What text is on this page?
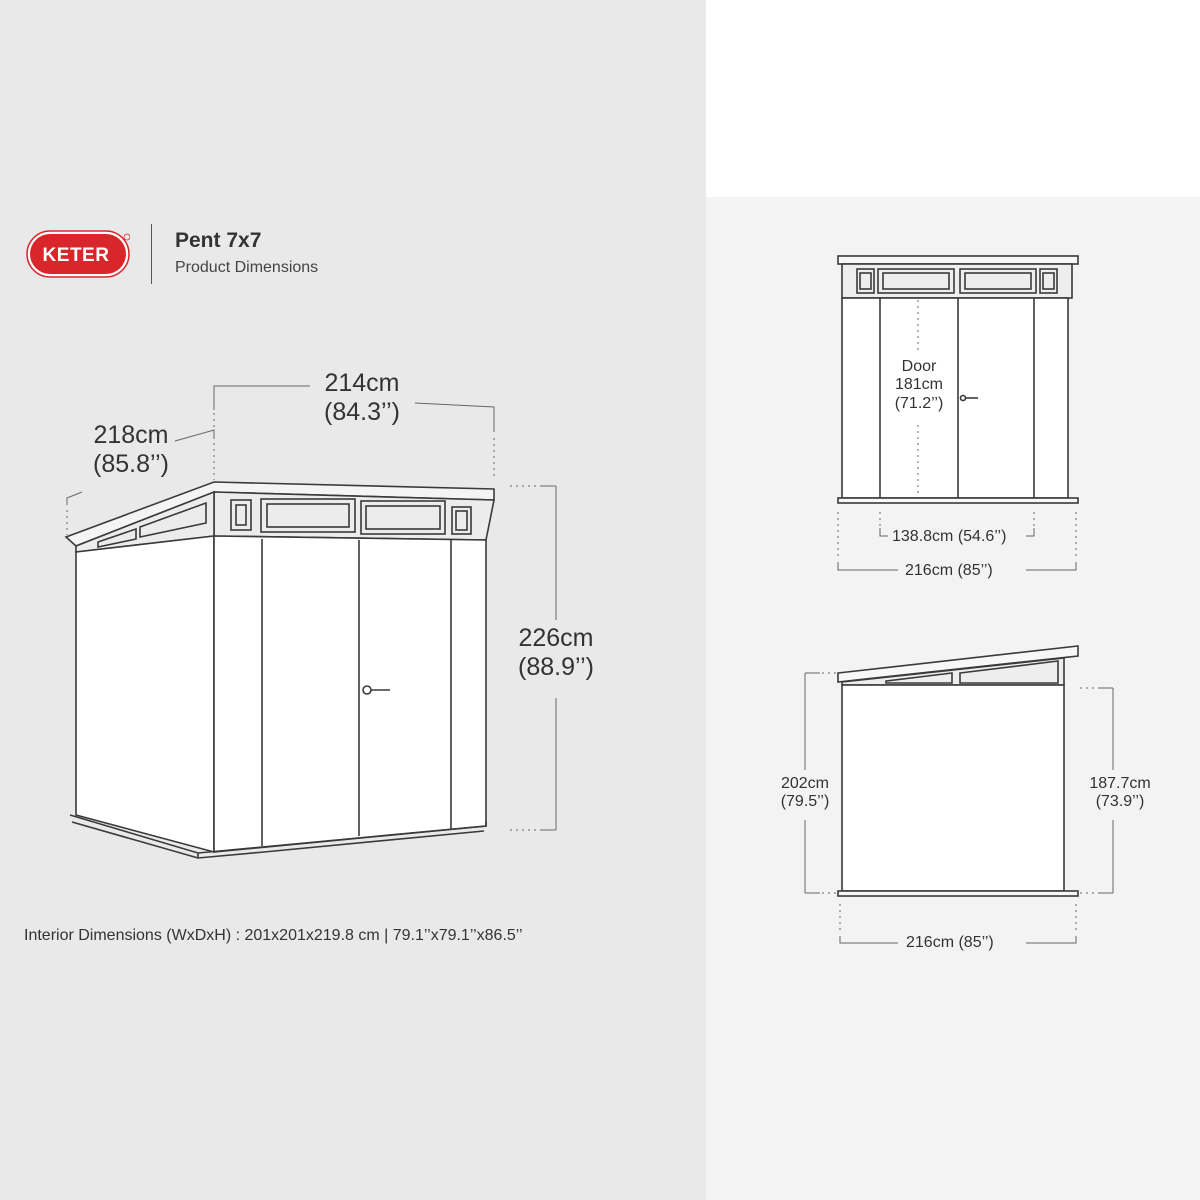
KETER
Pent 7x7
Product Dimensions
214cm
(84.3’’)
218cm
(85.8’’)
226cm
(88.9’’)
Door
181cm
(71.2’’)
138.8cm (54.6’’)
216cm (85’’)
202cm
(79.5’’)
187.7cm
(73.9’’)
216cm (85’’)
Interior Dimensions (WxDxH) : 201x201x219.8 cm | 79.1’’x79.1’’x86.5’’
